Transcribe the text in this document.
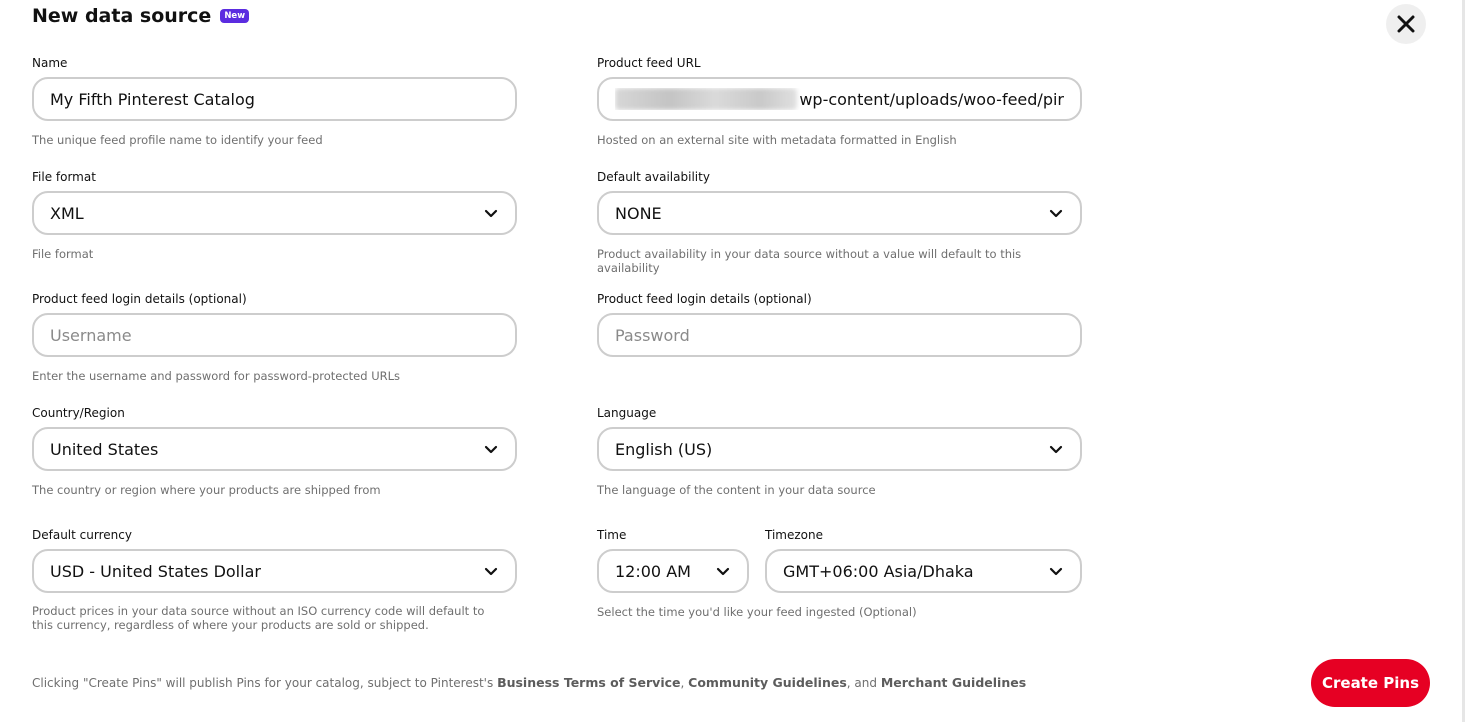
New data source	New
Name
My Fifth Pinterest Catalog
The unique feed profile name to identify your feed
Product feed URL
wp-content/uploads/woo-feed/pir
Hosted on an external site with metadata formatted in English
File format
XML
File format
Default availability
NONE
Product availability in your data source without a value will default to this availability
Product feed login details (optional)
Username
Enter the username and password for password-protected URLs
Product feed login details (optional)
Country/Region
United States
The country or region where your products are shipped from
Language
English (US)
The language of the content in your data source
Default currency
USD - United States Dollar
Product prices in your data source without an ISO currency code will default to this currency, regardless of where your products are sold or shipped.
Time
12:00 AM
Timezone
GMT+06:00 Asia/Dhaka
Select the time you'd like your feed ingested (Optional)
Clicking "Create Pins" will publish Pins for your catalog, subject to Pinterest's Business Terms of Service, Community Guidelines, and Merchant Guidelines	Create Pins
